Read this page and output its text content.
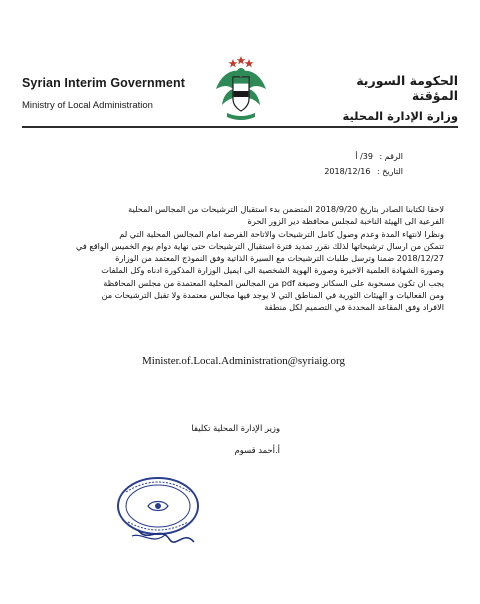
Syrian Interim Government
Ministry of Local Administration
الحكومة السورية المؤقتة
وزارة الإدارة المحلية
الرقم : 39/ أ
التاريخ : 2018/12/16
لاحقا لكتابنا الصادر بتاريخ 2018/9/20 المتضمن بدء استقبال الترشيحات من المجالس المحلية
الفرعية الى الهيئة الناخبة لمجلس محافظة دير الزور الحرة
ونظرا لانتهاء المدة وعدم وصول كامل الترشيحات والاتاحة الفرصة امام المجالس المحلية التي لم
تتمكن من ارسال ترشيحاتها لذلك نقرر تمديد فترة استقبال الترشيحات حتى نهاية دوام يوم الخميس الواقع في
2018/12/27 ضمنا وترسل طلبات الترشيحات مع السيرة الذاتية وفق النموذج المعتمد من الوزارة
وصورة الشهادة العلمية الاخيرة وصورة الهوية الشخصية الى ايميل الوزارة المذكورة ادناه وكل الملفات
يجب ان تكون مسحوبة على السكانر وصيغة pdf من المجالس المحلية المعتمدة من مجلس المحافظة
ومن الفعاليات و الهيئات الثورية في المناطق التي لا يوجد فيها مجالس معتمدة ولا تقبل الترشيحات من
الافراد وفق المقاعد المحددة في التصميم لكل منطقة
Minister.of.Local.Administration@syriaig.org
وزير الإدارة المحلية تكليفا
أ.أحمد قسوم
